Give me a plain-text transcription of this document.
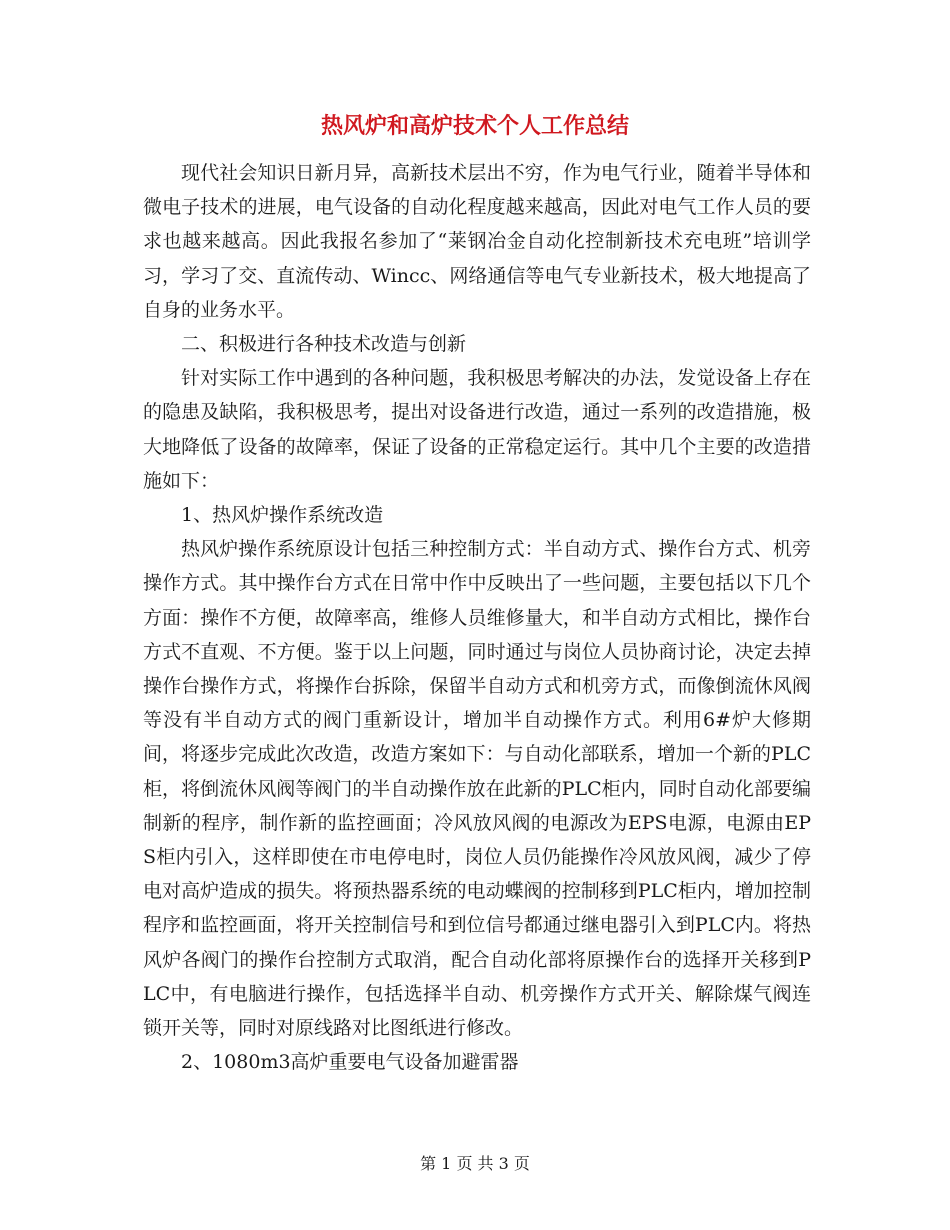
热风炉和高炉技术个人工作总结

现代社会知识日新月异，高新技术层出不穷，作为电气行业，随着半导体和微电子技术的进展，电气设备的自动化程度越来越高，因此对电气工作人员的要求也越来越高。因此我报名参加了“莱钢冶金自动化控制新技术充电班”培训学习，学习了交、直流传动、Wincc、网络通信等电气专业新技术，极大地提高了自身的业务水平。

二、积极进行各种技术改造与创新

针对实际工作中遇到的各种问题，我积极思考解决的办法，发觉设备上存在的隐患及缺陷，我积极思考，提出对设备进行改造，通过一系列的改造措施，极大地降低了设备的故障率，保证了设备的正常稳定运行。其中几个主要的改造措施如下：

1、热风炉操作系统改造

热风炉操作系统原设计包括三种控制方式：半自动方式、操作台方式、机旁操作方式。其中操作台方式在日常中作中反映出了一些问题，主要包括以下几个方面：操作不方便，故障率高，维修人员维修量大，和半自动方式相比，操作台方式不直观、不方便。鉴于以上问题，同时通过与岗位人员协商讨论，决定去掉操作台操作方式，将操作台拆除，保留半自动方式和机旁方式，而像倒流休风阀等没有半自动方式的阀门重新设计，增加半自动操作方式。利用6#炉大修期间，将逐步完成此次改造，改造方案如下：与自动化部联系，增加一个新的PLC柜，将倒流休风阀等阀门的半自动操作放在此新的PLC柜内，同时自动化部要编制新的程序，制作新的监控画面；冷风放风阀的电源改为EPS电源，电源由EPS柜内引入，这样即使在市电停电时，岗位人员仍能操作冷风放风阀，减少了停电对高炉造成的损失。将预热器系统的电动蝶阀的控制移到PLC柜内，增加控制程序和监控画面，将开关控制信号和到位信号都通过继电器引入到PLC内。将热风炉各阀门的操作台控制方式取消，配合自动化部将原操作台的选择开关移到PLC中，有电脑进行操作，包括选择半自动、机旁操作方式开关、解除煤气阀连锁开关等，同时对原线路对比图纸进行修改。

2、1080m3高炉重要电气设备加避雷器

第 1 页 共 3 页
